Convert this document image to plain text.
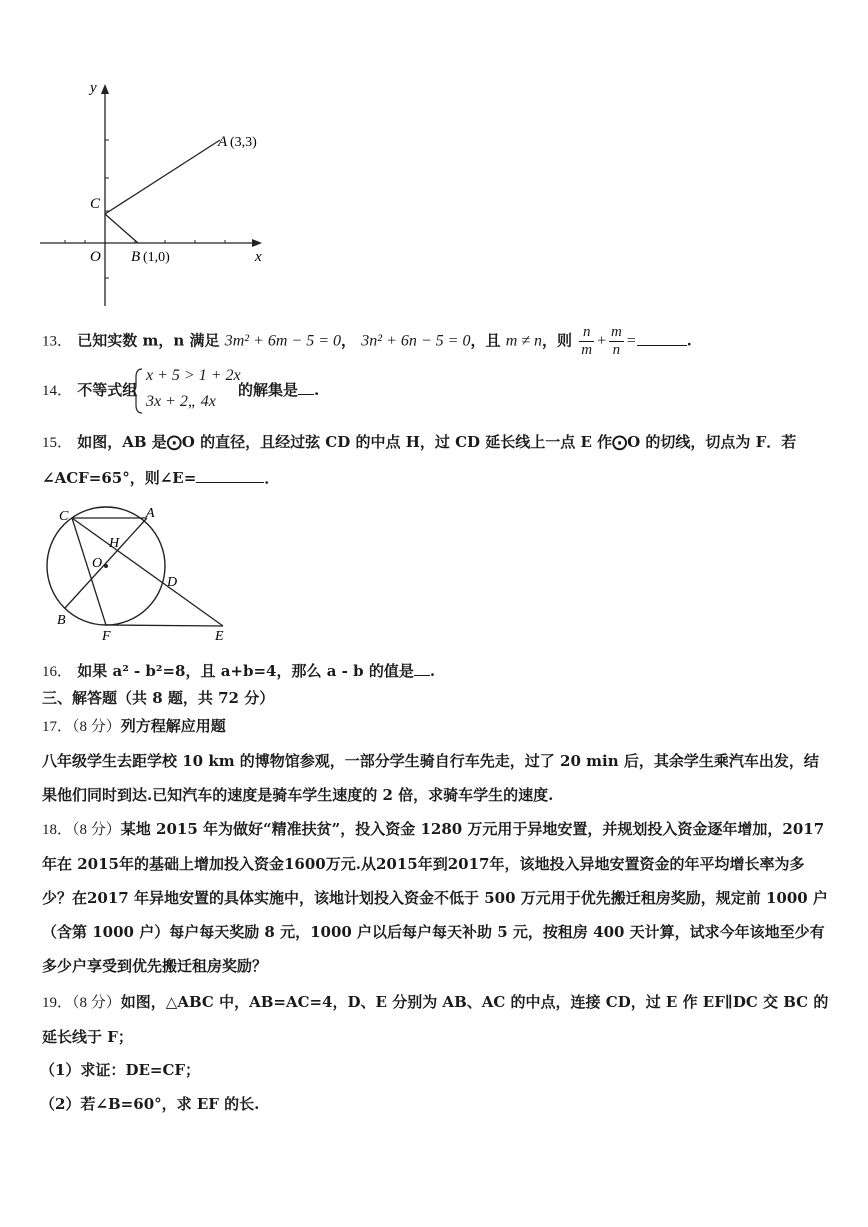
y
x
O
A (3,3)
B (1,0)
C
13． 已知实数 m，n 满足 3m² + 6m − 5 = 0， 3n² + 6n − 5 = 0，且 m ≠ n，则 $\frac{n}{m} + \frac{m}{n}$ =	.
14． 不等式组
x + 5 > 1 + 2x
3x + 2„ 4x
的解集是 .
15． 如图，AB 是⨀O 的直径，且经过弦 CD 的中点 H，过 CD 延长线上一点 E 作⨀O 的切线，切点为 F．若
∠ACF=65°，则∠E=	．
C	A
H
O
D
B
F	E
16． 如果 a² - b²=8，且 a+b=4，那么 a - b 的值是 .
三、解答题（共 8 题，共 72 分）
17．（8 分）列方程解应用题
八年级学生去距学校 10 km 的博物馆参观，一部分学生骑自行车先走，过了 20 min 后，其余学生乘汽车出发，结果他们同时到达.已知汽车的速度是骑车学生速度的 2 倍，求骑车学生的速度.
18．（8 分）某地 2015 年为做好“精准扶贫”，投入资金 1280 万元用于异地安置，并规划投入资金逐年增加，2017 年在 2015年的基础上增加投入资金1600万元.从2015年到2017年，该地投入异地安置资金的年平均增长率为多少？在2017 年异地安置的具体实施中，该地计划投入资金不低于 500 万元用于优先搬迁租房奖励，规定前 1000 户（含第 1000 户）每户每天奖励 8 元，1000 户以后每户每天补助 5 元，按租房 400 天计算，试求今年该地至少有多少户享受到优先搬迁租房奖励？
19．（8 分）如图，△ABC 中，AB=AC=4，D、E 分别为 AB、AC 的中点，连接 CD，过 E 作 EF∥DC 交 BC 的延长线于 F；
（1）求证：DE=CF；
（2）若∠B=60°，求 EF 的长.
